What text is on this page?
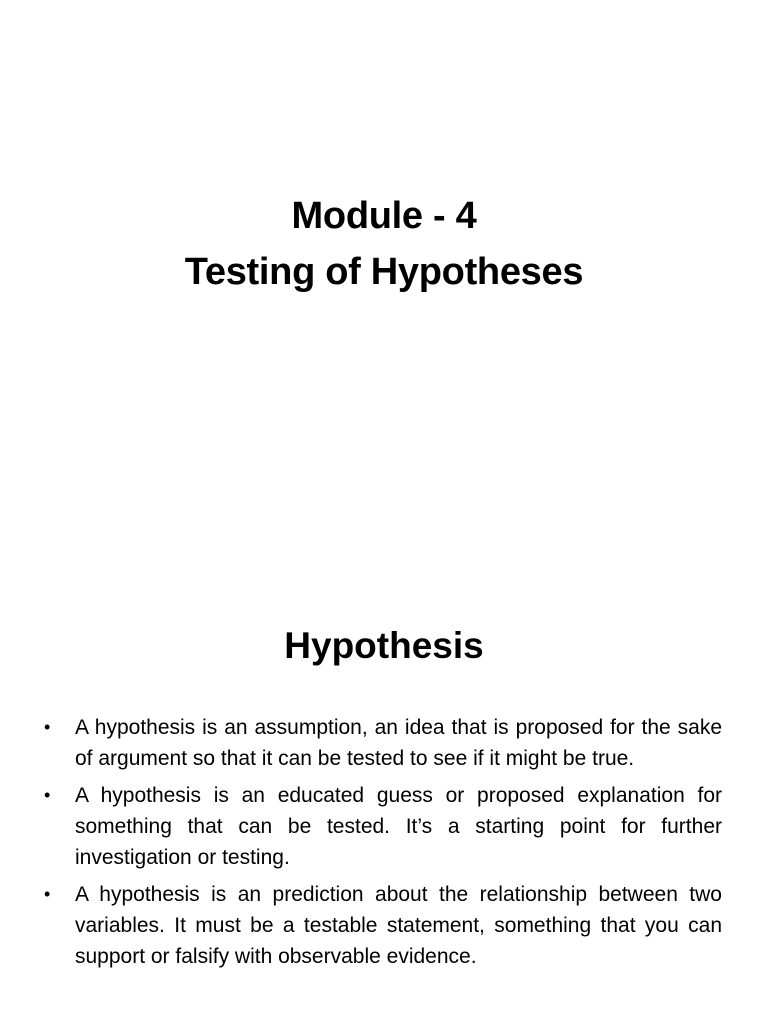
Module - 4
Testing of Hypotheses
Hypothesis
• A hypothesis is an assumption, an idea that is proposed for the sake of argument so that it can be tested to see if it might be true.
• A hypothesis is an educated guess or proposed explanation for something that can be tested. It’s a starting point for further investigation or testing.
• A hypothesis is an prediction about the relationship between two variables. It must be a testable statement, something that you can support or falsify with observable evidence.
